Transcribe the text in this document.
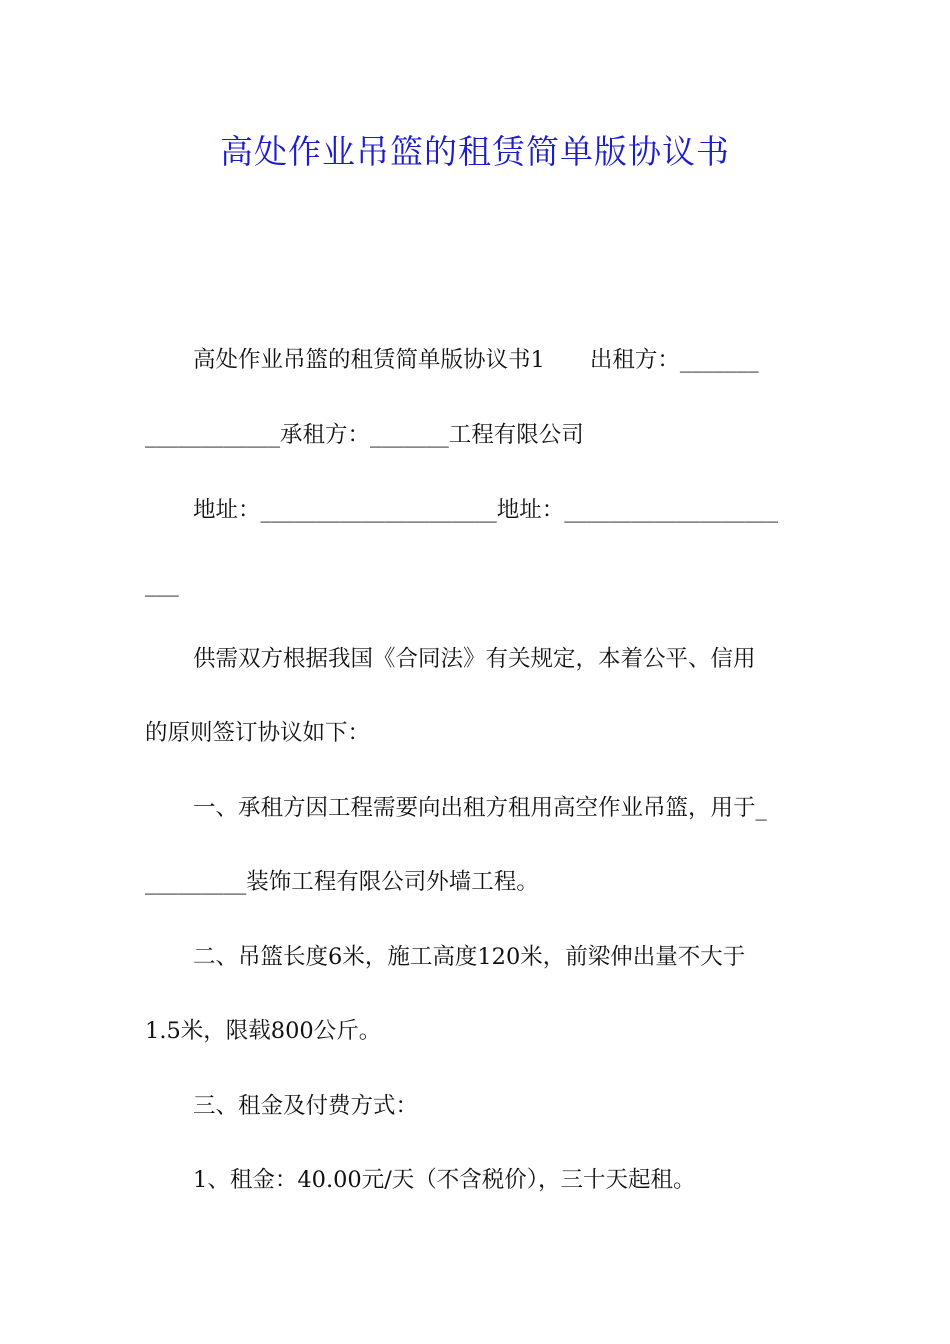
高处作业吊篮的租赁简单版协议书
高处作业吊篮的租赁简单版协议书1　　出租方：_______
____________承租方：_______工程有限公司
地址：_____________________地址：___________________
___
供需双方根据我国《合同法》有关规定，本着公平、信用
的原则签订协议如下：
一、承租方因工程需要向出租方租用高空作业吊篮，用于_
_________装饰工程有限公司外墙工程。
二、吊篮长度6米，施工高度120米，前梁伸出量不大于
1.5米，限载800公斤。
三、租金及付费方式：
1、租金：40.00元/天（不含税价），三十天起租。
